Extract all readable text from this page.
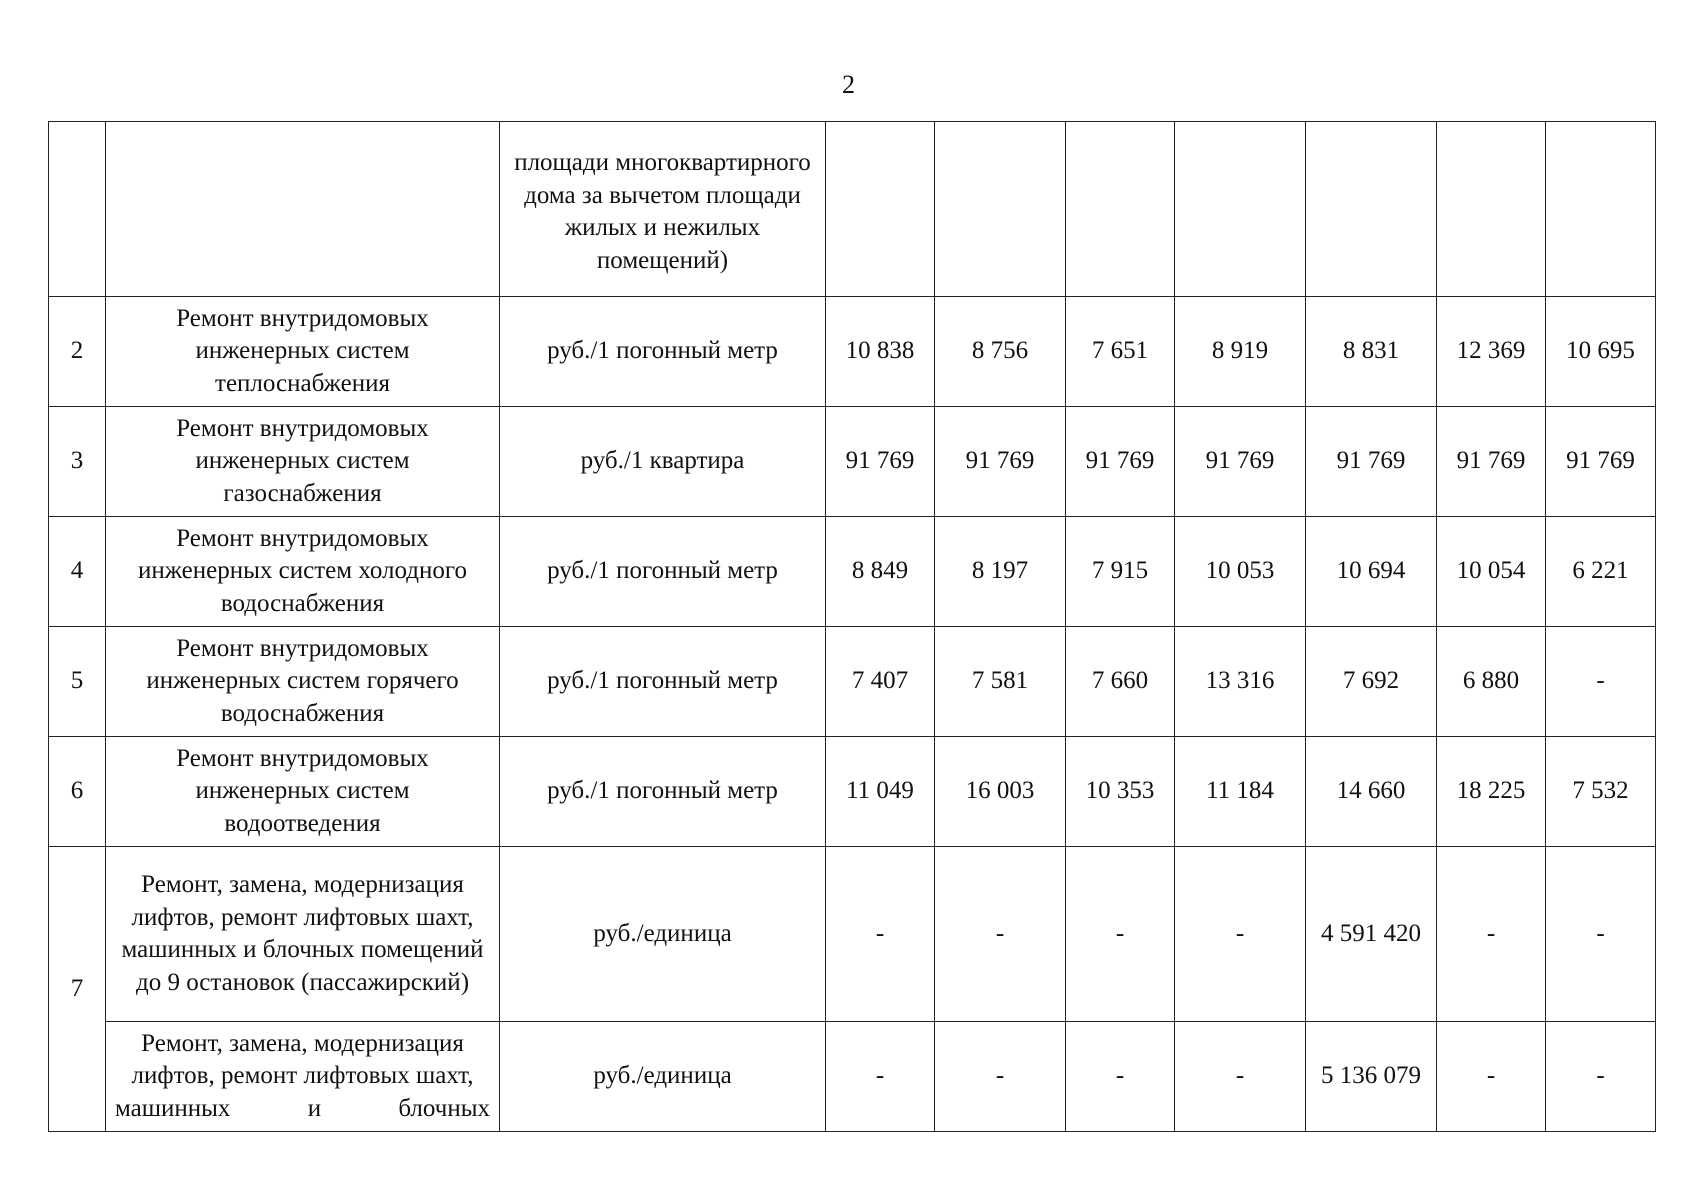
2
		площади многоквартирного дома за вычетом площади жилых и нежилых помещений)							
2	Ремонт внутридомовых инженерных систем теплоснабжения	руб./1 погонный метр	10 838	8 756	7 651	8 919	8 831	12 369	10 695
3	Ремонт внутридомовых инженерных систем газоснабжения	руб./1 квартира	91 769	91 769	91 769	91 769	91 769	91 769	91 769
4	Ремонт внутридомовых инженерных систем холодного водоснабжения	руб./1 погонный метр	8 849	8 197	7 915	10 053	10 694	10 054	6 221
5	Ремонт внутридомовых инженерных систем горячего водоснабжения	руб./1 погонный метр	7 407	7 581	7 660	13 316	7 692	6 880	-
6	Ремонт внутридомовых инженерных систем водоотведения	руб./1 погонный метр	11 049	16 003	10 353	11 184	14 660	18 225	7 532
7	Ремонт, замена, модернизация лифтов, ремонт лифтовых шахт, машинных и блочных помещений до 9 остановок (пассажирский)	руб./единица	-	-	-	-	4 591 420	-	-
	Ремонт, замена, модернизация лифтов, ремонт лифтовых шахт, машинных и блочных	руб./единица	-	-	-	-	5 136 079	-	-
